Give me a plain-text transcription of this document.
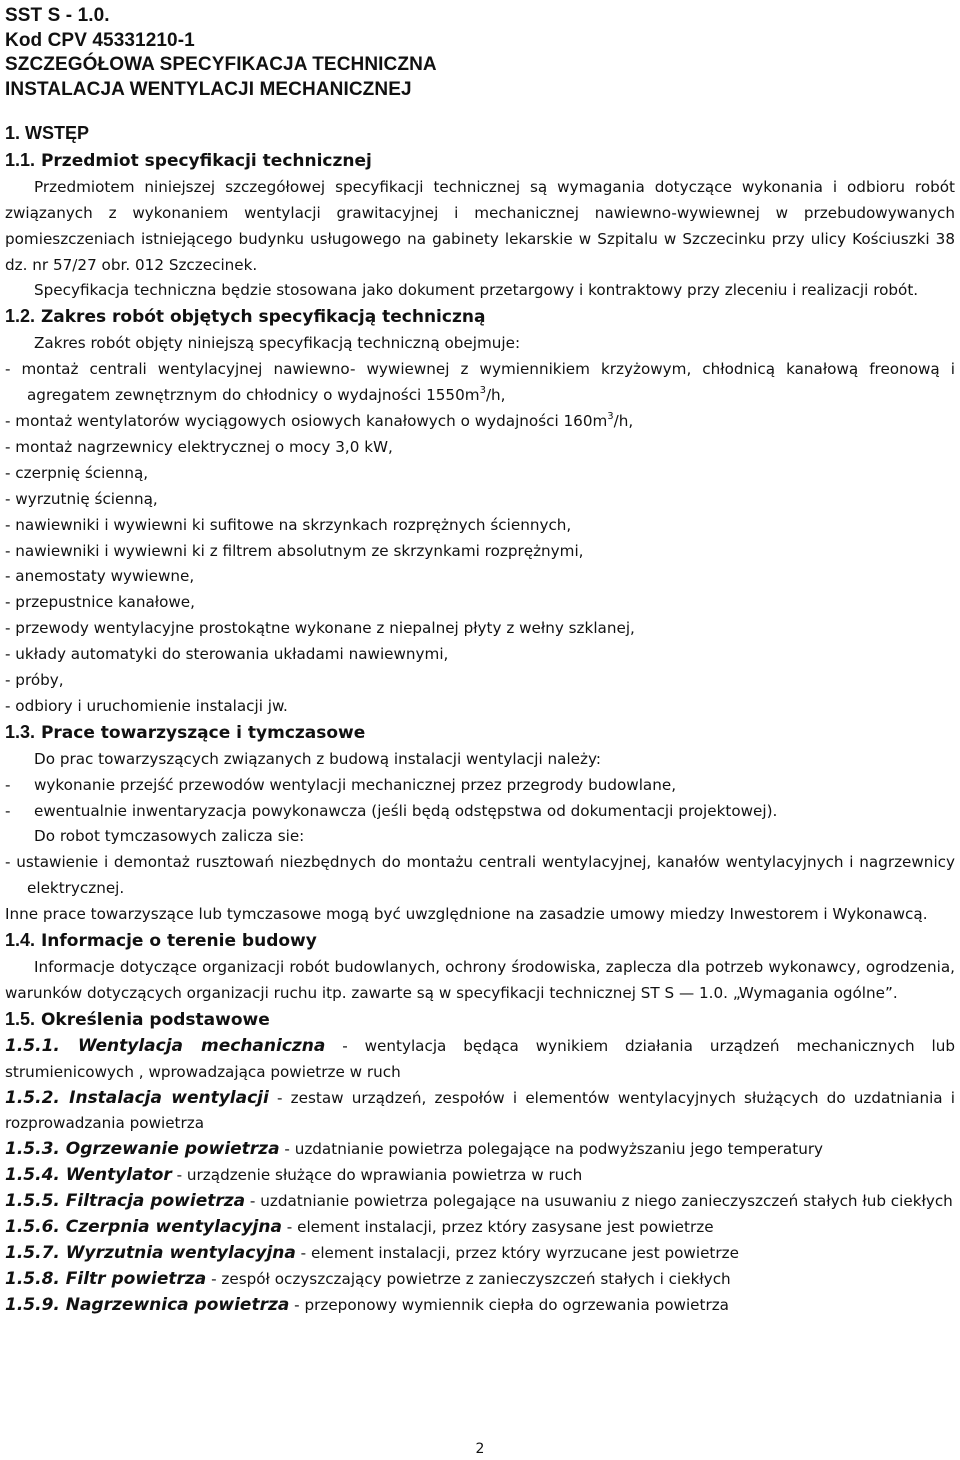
SST S - 1.0.
Kod CPV 45331210-1
SZCZEGÓŁOWA SPECYFIKACJA TECHNICZNA
INSTALACJA WENTYLACJI MECHANICZNEJ
1. WSTĘP
1.1. Przedmiot specyfikacji technicznej
Przedmiotem niniejszej szczegółowej specyfikacji technicznej są wymagania dotyczące wykonania i odbioru robót związanych z wykonaniem wentylacji grawitacyjnej i mechanicznej nawiewno-wywiewnej w przebudowywanych pomieszczeniach istniejącego budynku usługowego na gabinety lekarskie w Szpitalu w Szczecinku przy ulicy Kościuszki 38 dz. nr 57/27 obr. 012 Szczecinek.
Specyfikacja techniczna będzie stosowana jako dokument przetargowy i kontraktowy przy zleceniu i realizacji robót.
1.2. Zakres robót objętych specyfikacją techniczną
Zakres robót objęty niniejszą specyfikacją techniczną obejmuje:
- montaż centrali wentylacyjnej nawiewno- wywiewnej z wymiennikiem krzyżowym, chłodnicą kanałową freonową i agregatem zewnętrznym do chłodnicy o wydajności $1550m^3/h$,
- montaż wentylatorów wyciągowych osiowych kanałowych o wydajności $160m^3/h$,
- montaż nagrzewnicy elektrycznej o mocy 3,0 kW,
- czerpnię ścienną,
- wyrzutnię ścienną,
- nawiewniki i wywiewni ki sufitowe na skrzynkach rozprężnych ściennych,
- nawiewniki i wywiewni ki z filtrem absolutnym ze skrzynkami rozprężnymi,
- anemostaty wywiewne,
- przepustnice kanałowe,
- przewody wentylacyjne prostokątne wykonane z niepalnej płyty z wełny szklanej,
- układy automatyki do sterowania układami nawiewnymi,
- próby,
- odbiory i uruchomienie instalacji jw.
1.3. Prace towarzyszące i tymczasowe
Do prac towarzyszących związanych z budową instalacji wentylacji należy:
-	wykonanie przejść przewodów wentylacji mechanicznej przez przegrody budowlane,
-	ewentualnie inwentaryzacja powykonawcza (jeśli będą odstępstwa od dokumentacji projektowej).
Do robot tymczasowych zalicza sie:
- ustawienie i demontaż rusztowań niezbędnych do montażu centrali wentylacyjnej, kanałów wentylacyjnych i nagrzewnicy elektrycznej.
Inne prace towarzyszące lub tymczasowe mogą być uwzględnione na zasadzie umowy miedzy Inwestorem i Wykonawcą.
1.4. Informacje o terenie budowy
Informacje dotyczące organizacji robót budowlanych, ochrony środowiska, zaplecza dla potrzeb wykonawcy, ogrodzenia, warunków dotyczących organizacji ruchu itp. zawarte są w specyfikacji technicznej ST S — 1.0. „Wymagania ogólne”.
1.5. Określenia podstawowe
1.5.1. Wentylacja mechaniczna - wentylacja będąca wynikiem działania urządzeń mechanicznych lub strumienicowych , wprowadzająca powietrze w ruch
1.5.2. Instalacja wentylacji - zestaw urządzeń, zespołów i elementów wentylacyjnych służących do uzdatniania i rozprowadzania powietrza
1.5.3. Ogrzewanie powietrza - uzdatnianie powietrza polegające na podwyższaniu jego temperatury
1.5.4. Wentylator - urządzenie służące do wprawiania powietrza w ruch
1.5.5. Filtracja powietrza - uzdatnianie powietrza polegające na usuwaniu z niego zanieczyszczeń stałych łub ciekłych
1.5.6. Czerpnia wentylacyjna - element instalacji, przez który zasysane jest powietrze
1.5.7. Wyrzutnia wentylacyjna - element instalacji, przez który wyrzucane jest powietrze
1.5.8. Filtr powietrza - zespół oczyszczający powietrze z zanieczyszczeń stałych i ciekłych
1.5.9. Nagrzewnica powietrza - przeponowy wymiennik ciepła do ogrzewania powietrza
2
